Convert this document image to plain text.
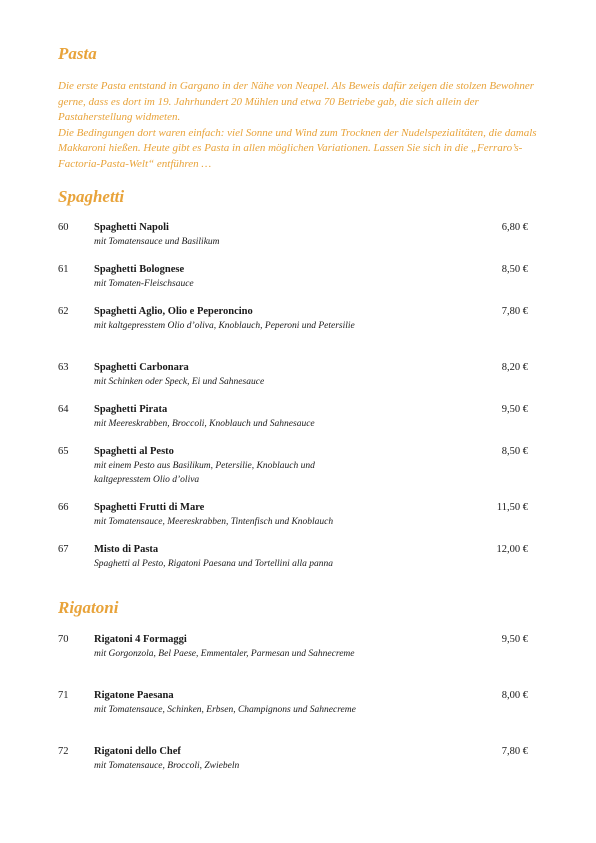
Pasta

Die erste Pasta entstand in Gargano in der Nähe von Neapel. Als Beweis dafür zeigen die stolzen Bewohner gerne, dass es dort im 19. Jahrhundert 20 Mühlen und etwa 70 Betriebe gab, die sich allein der Pastaherstellung widmeten.

Die Bedingungen dort waren einfach: viel Sonne und Wind zum Trocknen der Nudelspezialitäten, die damals Makkaroni hießen. Heute gibt es Pasta in allen möglichen Variationen. Lassen Sie sich in die „Ferraro’s-Factoria-Pasta-Welt“ entführen …

Spaghetti
60 Spaghetti Napoli
mit Tomatensauce und Basilikum
6,80 €
61 Spaghetti Bolognese
mit Tomaten-Fleischsauce
8,50 €
62 Spaghetti Aglio, Olio e Peperoncino
mit kaltgepresstem Olio d’oliva, Knoblauch, Peperoni und Petersilie
7,80 €
63 Spaghetti Carbonara
mit Schinken oder Speck, Ei und Sahnesauce
8,20 €
64 Spaghetti Pirata
mit Meereskrabben, Broccoli, Knoblauch und Sahnesauce
9,50 €
65 Spaghetti al Pesto
mit einem Pesto aus Basilikum, Petersilie, Knoblauch und kaltgepresstem Olio d’oliva
8,50 €
66 Spaghetti Frutti di Mare
mit Tomatensauce, Meereskrabben, Tintenfisch und Knoblauch
11,50 €
67 Misto di Pasta
Spaghetti al Pesto, Rigatoni Paesana und Tortellini alla panna
12,00 €
Rigatoni
70 Rigatoni 4 Formaggi
mit Gorgonzola, Bel Paese, Emmentaler, Parmesan und Sahnecreme
9,50 €
71 Rigatone Paesana
mit Tomatensauce, Schinken, Erbsen, Champignons und Sahnecreme
8,00 €
72 Rigatoni dello Chef
mit Tomatensauce, Broccoli, Zwiebeln
7,80 €
